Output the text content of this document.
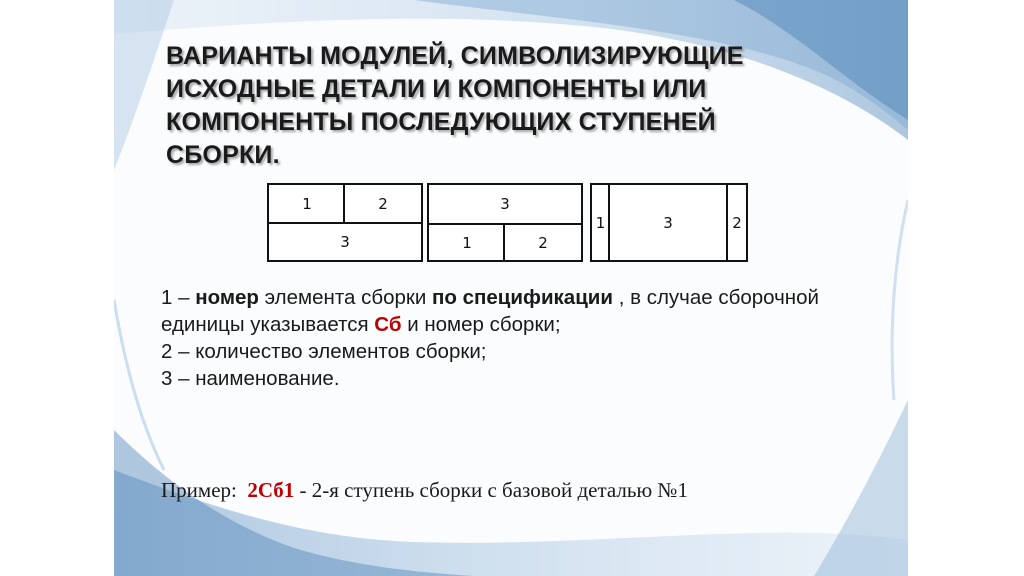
ВАРИАНТЫ МОДУЛЕЙ, СИМВОЛИЗИРУЮЩИЕ
ИСХОДНЫЕ ДЕТАЛИ И КОМПОНЕНТЫ ИЛИ
КОМПОНЕНТЫ ПОСЛЕДУЮЩИХ СТУПЕНЕЙ
СБОРКИ.
1	2
3
3
1	2
1	3	2

1 – номер элемента сборки по спецификации , в случае сборочной единицы указывается Сб и номер сборки;

2 – количество элементов сборки;

3 – наименование.

Пример: 2Сб1 - 2-я ступень сборки с базовой деталью №1
